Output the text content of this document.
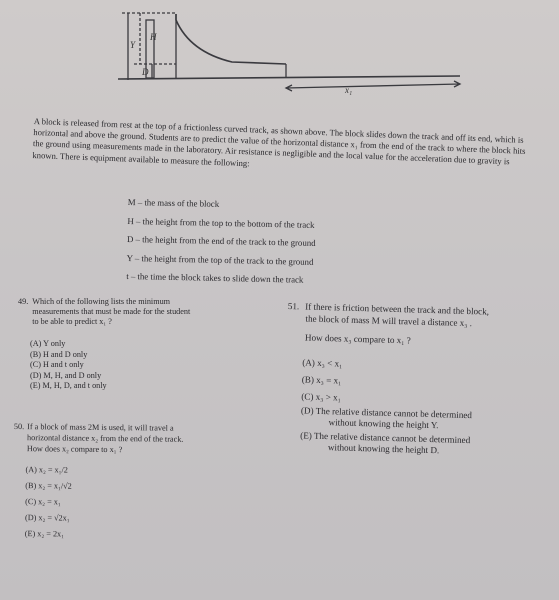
H
Y
D
x₁

A block is released from rest at the top of a frictionless curved track, as shown above. The block slides down the track and off its end, which is horizontal and above the ground. Students are to predict the value of the horizontal distance x₁ from the end of the track to where the block hits the ground using measurements made in the laboratory. Air resistance is negligible and the local value for the acceleration due to gravity is known. There is equipment available to measure the following:

M – the mass of the block
H – the height from the top to the bottom of the track
D – the height from the end of the track to the ground
Y – the height from the top of the track to the ground
t – the time the block takes to slide down the track
49. Which of the following lists the minimum
measurements that must be made for the student
to be able to predict x₁ ?
(A) Y only
(B) H and D only
(C) H and t only
(D) M, H, and D only
(E) M, H, D, and t only
50. If a block of mass 2M is used, it will travel a
horizontal distance x₂ from the end of the track.
How does x₂ compare to x₁ ?
(A) x₂ = x₁/2
(B) x₂ = x₁/√2
(C) x₂ = x₁
(D) x₂ = √2x₁
(E) x₂ = 2x₁
51. If there is friction between the track and the block,
the block of mass M will travel a distance x₃ .
How does x₃ compare to x₁ ?
(A) x₃ < x₁
(B) x₃ = x₁
(C) x₃ > x₁
(D) The relative distance cannot be determined
without knowing the height Y.
(E) The relative distance cannot be determined
without knowing the height D.
